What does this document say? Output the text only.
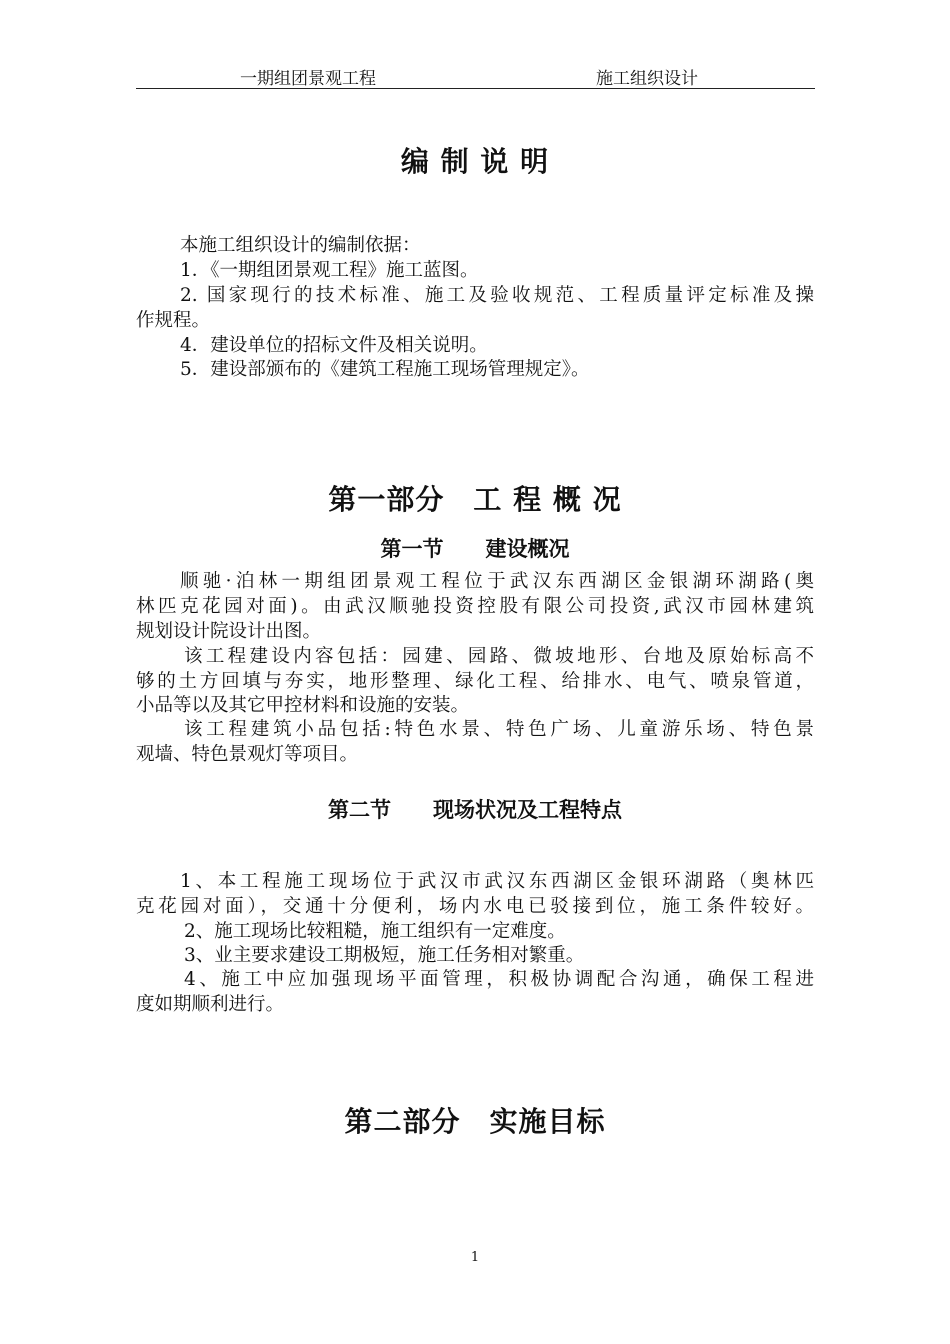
一期组团景观工程	施工组织设计
编 制 说 明
本施工组织设计的编制依据：
1．《一期组团景观工程》施工蓝图。
2. 国家现行的技术标准、施工及验收规范、工程质量评定标准及操
作规程。
4．建设单位的招标文件及相关说明。
5．建设部颁布的《建筑工程施工现场管理规定》。
第一部分　工 程 概 况
第一节　　建设概况
顺驰·泊林一期组团景观工程位于武汉东西湖区金银湖环湖路(奥
林匹克花园对面)。由武汉顺驰投资控股有限公司投资,武汉市园林建筑
规划设计院设计出图。
该工程建设内容包括：园建、园路、微坡地形、台地及原始标高不
够的土方回填与夯实，地形整理、绿化工程、给排水、电气、喷泉管道，
小品等以及其它甲控材料和设施的安装。
该工程建筑小品包括:特色水景、特色广场、儿童游乐场、特色景
观墙、特色景观灯等项目。
第二节　　现场状况及工程特点
1、本工程施工现场位于武汉市武汉东西湖区金银环湖路（奥林匹
克花园对面），交通十分便利，场内水电已驳接到位，施工条件较好。
2、施工现场比较粗糙，施工组织有一定难度。
3、业主要求建设工期极短，施工任务相对繁重。
4、施工中应加强现场平面管理，积极协调配合沟通，确保工程进
度如期顺利进行。
第二部分　实施目标
1
